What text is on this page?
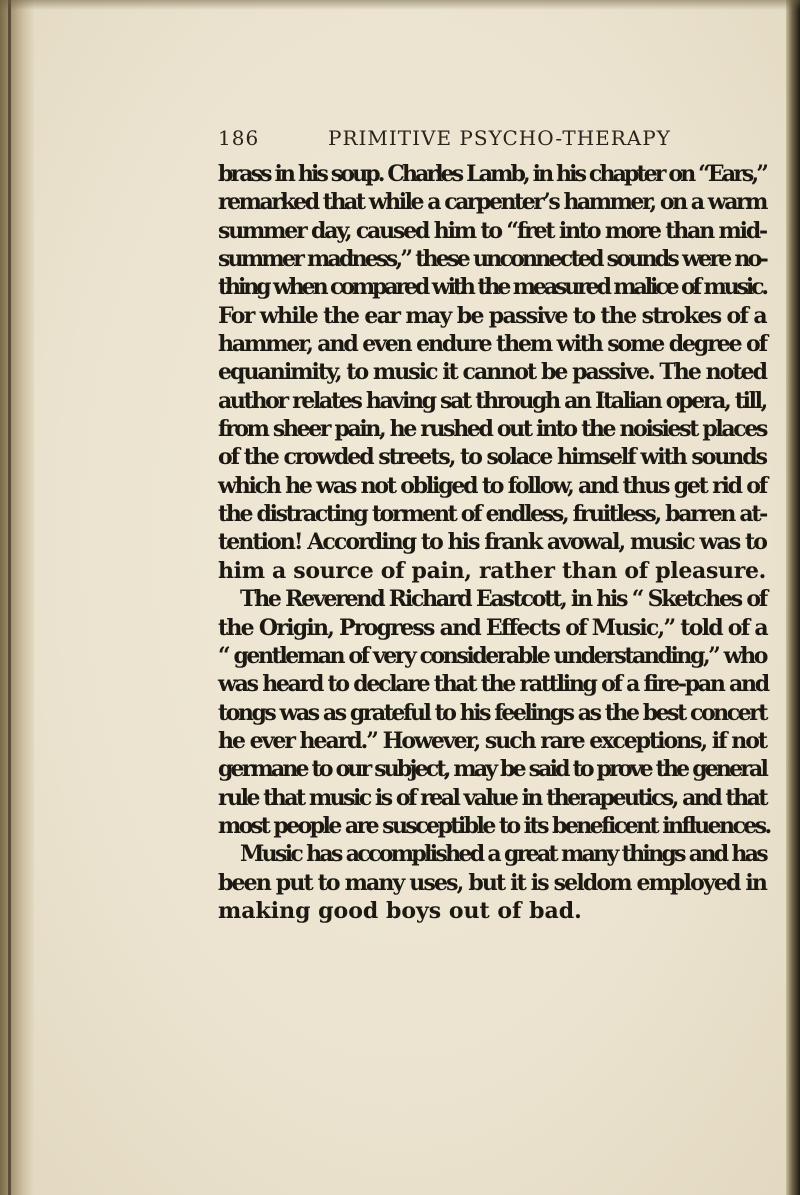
186	PRIMITIVE PSYCHO-THERAPY
brass in his soup. Charles Lamb, in his chapter on “Ears,”
remarked that while a carpenter’s hammer, on a warm
summer day, caused him to “fret into more than mid-
summer madness,” these unconnected sounds were no-
thing when compared with the measured malice of music.
For while the ear may be passive to the strokes of a
hammer, and even endure them with some degree of
equanimity, to music it cannot be passive. The noted
author relates having sat through an Italian opera, till,
from sheer pain, he rushed out into the noisiest places
of the crowded streets, to solace himself with sounds
which he was not obliged to follow, and thus get rid of
the distracting torment of endless, fruitless, barren at-
tention! According to his frank avowal, music was to
him a source of pain, rather than of pleasure.
The Reverend Richard Eastcott, in his “ Sketches of
the Origin, Progress and Effects of Music,” told of a
“ gentleman of very considerable understanding,” who
was heard to declare that the rattling of a fire-pan and
tongs was as grateful to his feelings as the best concert
he ever heard.” However, such rare exceptions, if not
germane to our subject, may be said to prove the general
rule that music is of real value in therapeutics, and that
most people are susceptible to its beneficent influences.
Music has accomplished a great many things and has
been put to many uses, but it is seldom employed in
making good boys out of bad.
